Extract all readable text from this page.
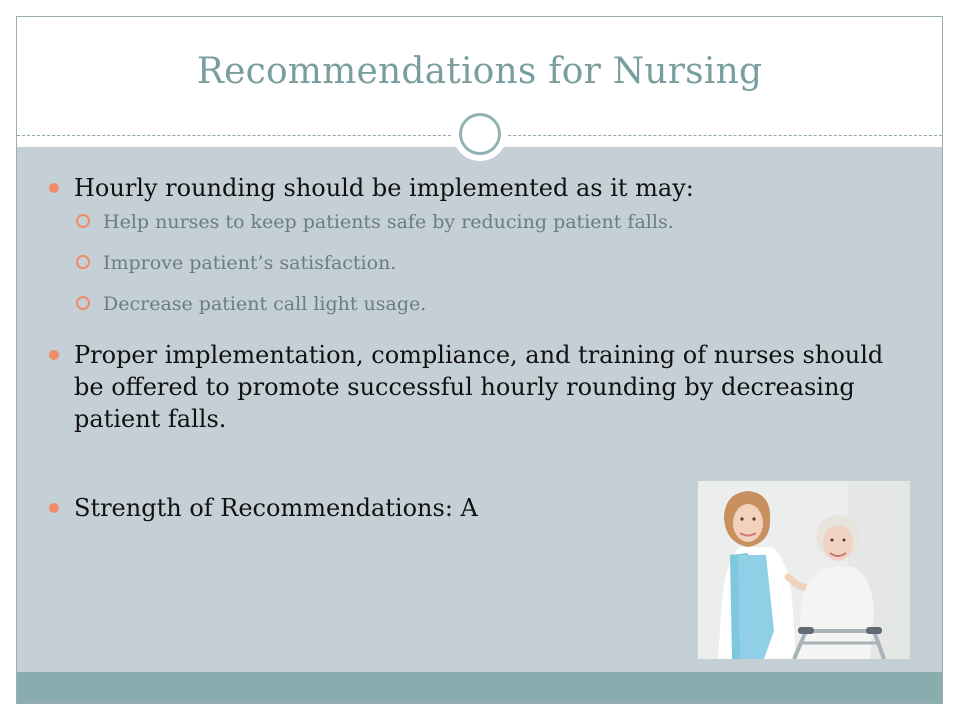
Recommendations for Nursing
Hourly rounding should be implemented as it may:
Help nurses to keep patients safe by reducing patient falls.
Improve patient’s satisfaction.
Decrease patient call light usage.
Proper implementation, compliance, and training of nurses should be offered to promote successful hourly rounding by decreasing patient falls.
Strength of Recommendations: A
